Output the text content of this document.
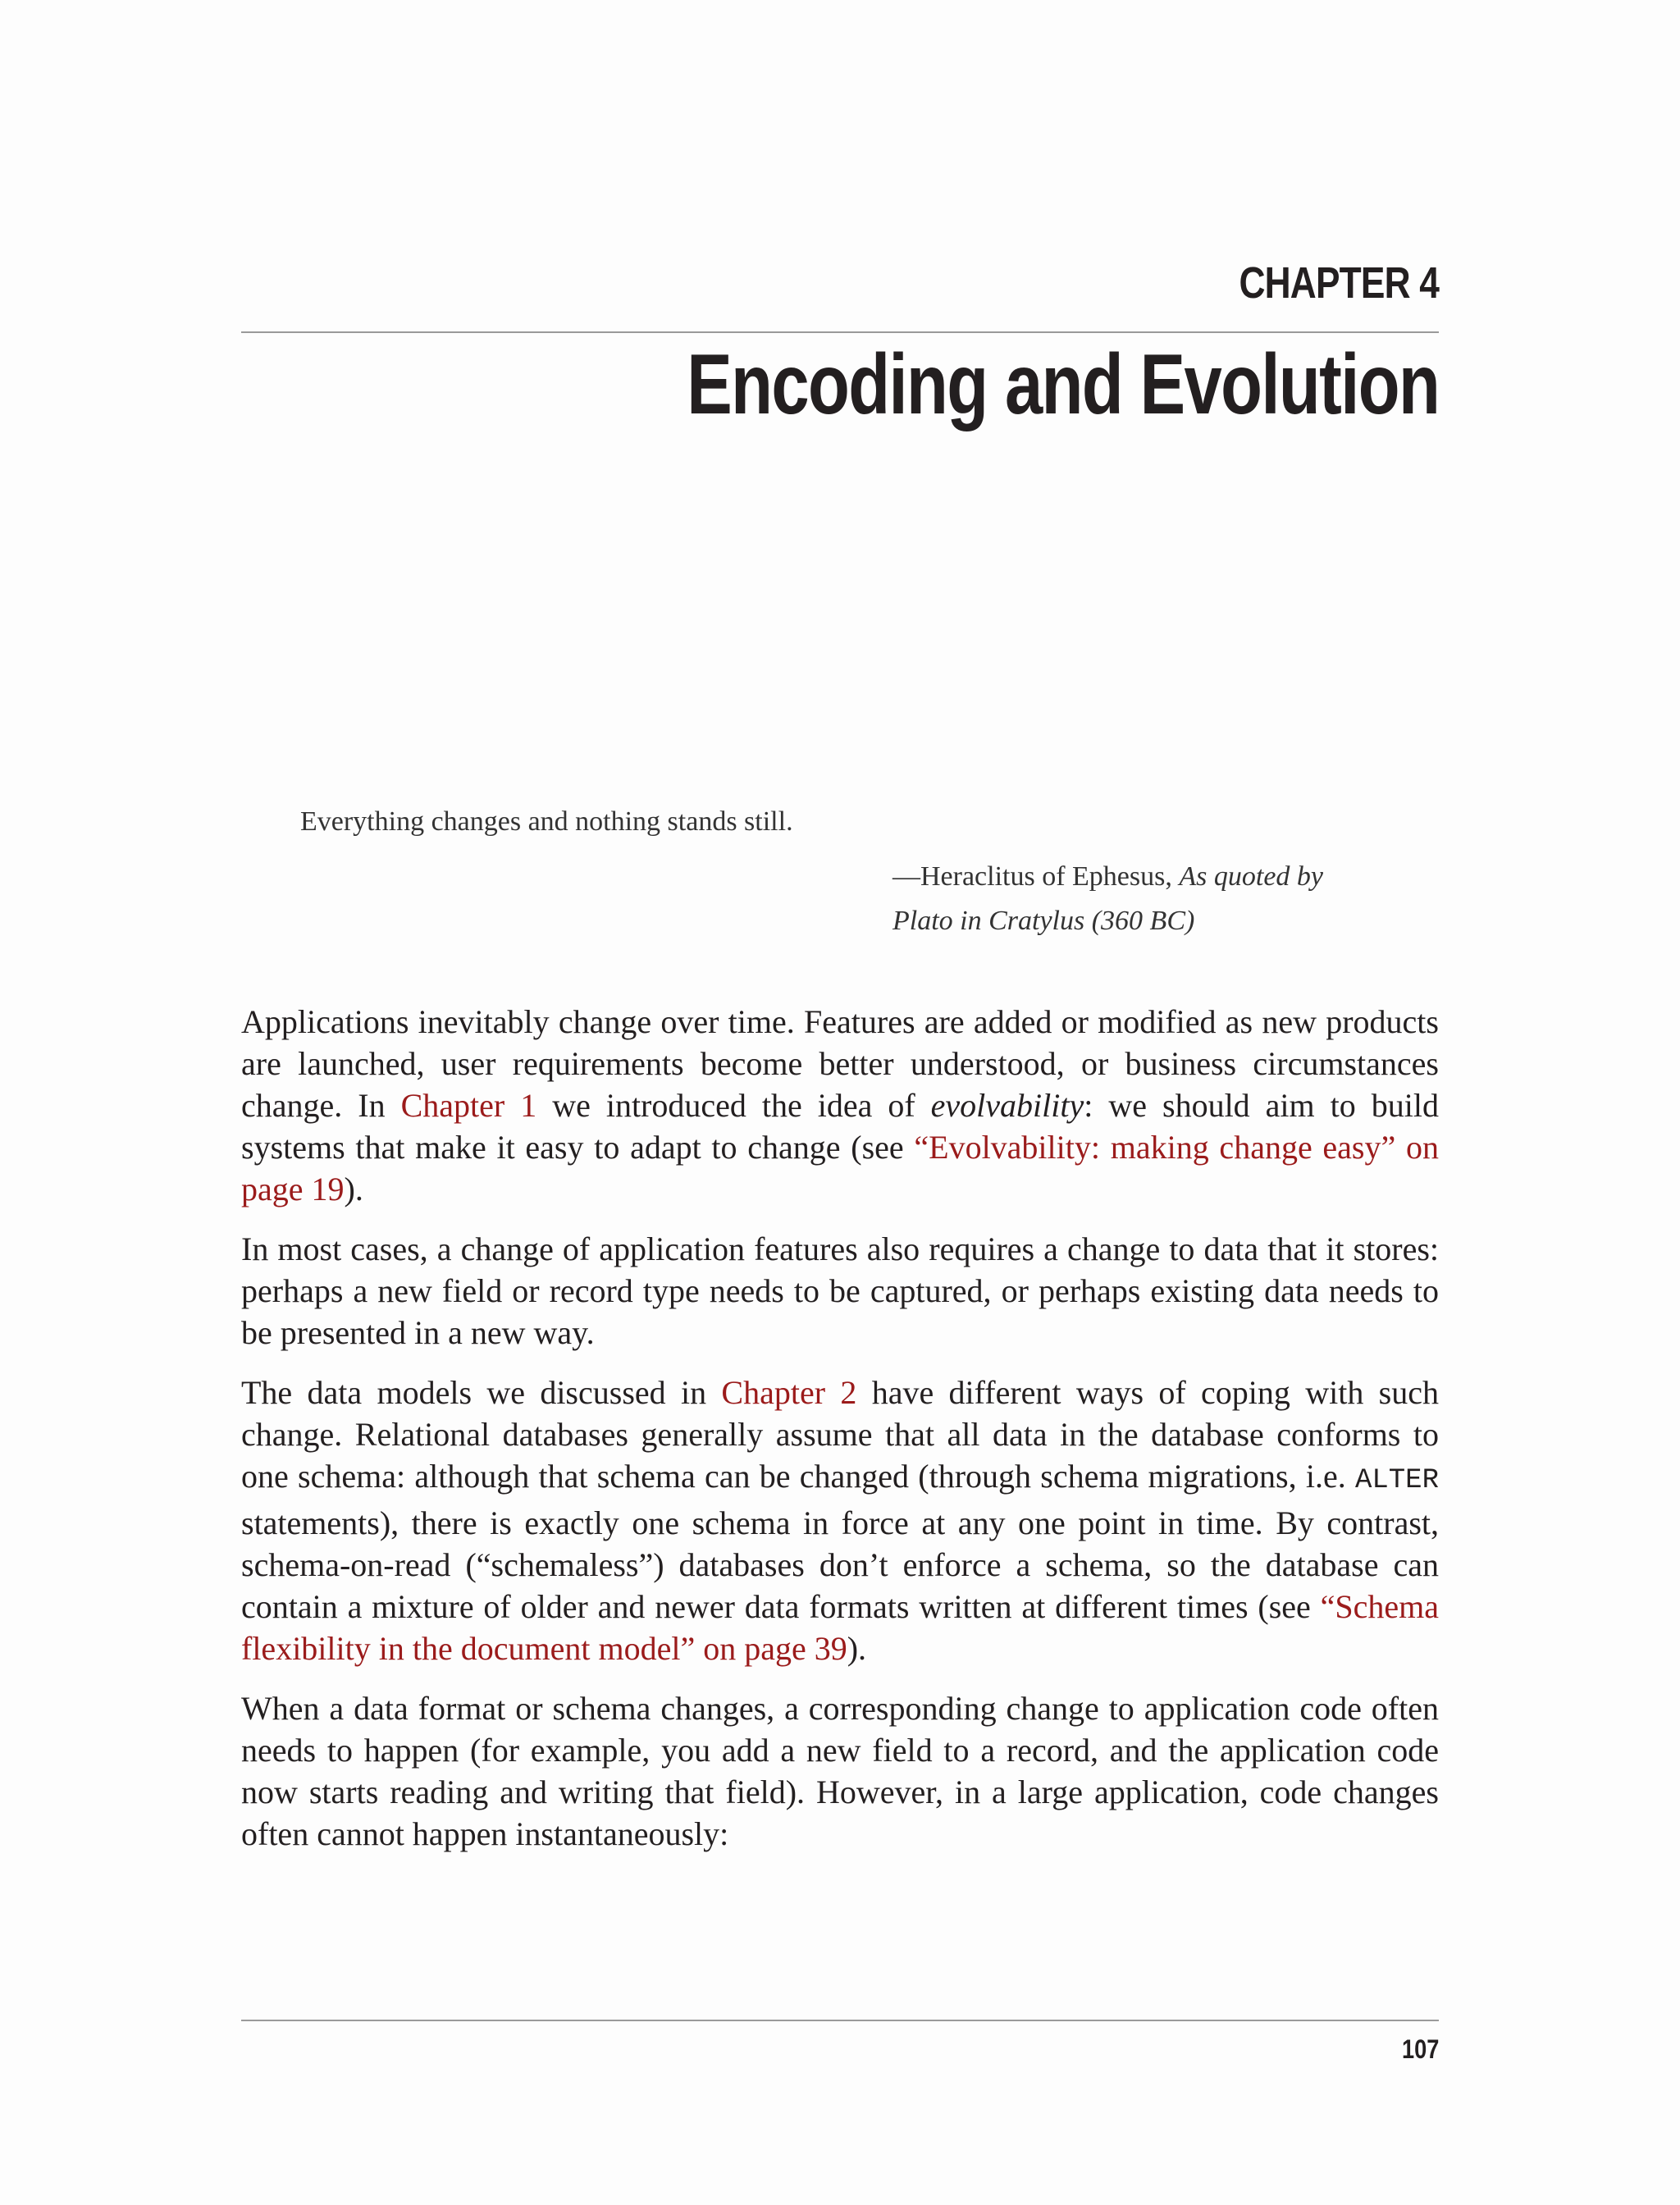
CHAPTER 4
Encoding and Evolution
Everything changes and nothing stands still.
—Heraclitus of Ephesus, As quoted by
Plato in Cratylus (360 BC)

Applications inevitably change over time. Features are added or modified as new products are launched, user requirements become better understood, or business circumstances change. In Chapter 1 we introduced the idea of evolvability: we should aim to build systems that make it easy to adapt to change (see “Evolvability: making change easy” on page 19).

In most cases, a change of application features also requires a change to data that it stores: perhaps a new field or record type needs to be captured, or perhaps existing data needs to be presented in a new way.

The data models we discussed in Chapter 2 have different ways of coping with such change. Relational databases generally assume that all data in the database conforms to one schema: although that schema can be changed (through schema migrations, i.e. ALTER statements), there is exactly one schema in force at any one point in time. By contrast, schema-on-read (“schemaless”) databases don’t enforce a schema, so the database can contain a mixture of older and newer data formats written at different times (see “Schema flexibility in the document model” on page 39).

When a data format or schema changes, a corresponding change to application code often needs to happen (for example, you add a new field to a record, and the application code now starts reading and writing that field). However, in a large application, code changes often cannot happen instantaneously:

107
